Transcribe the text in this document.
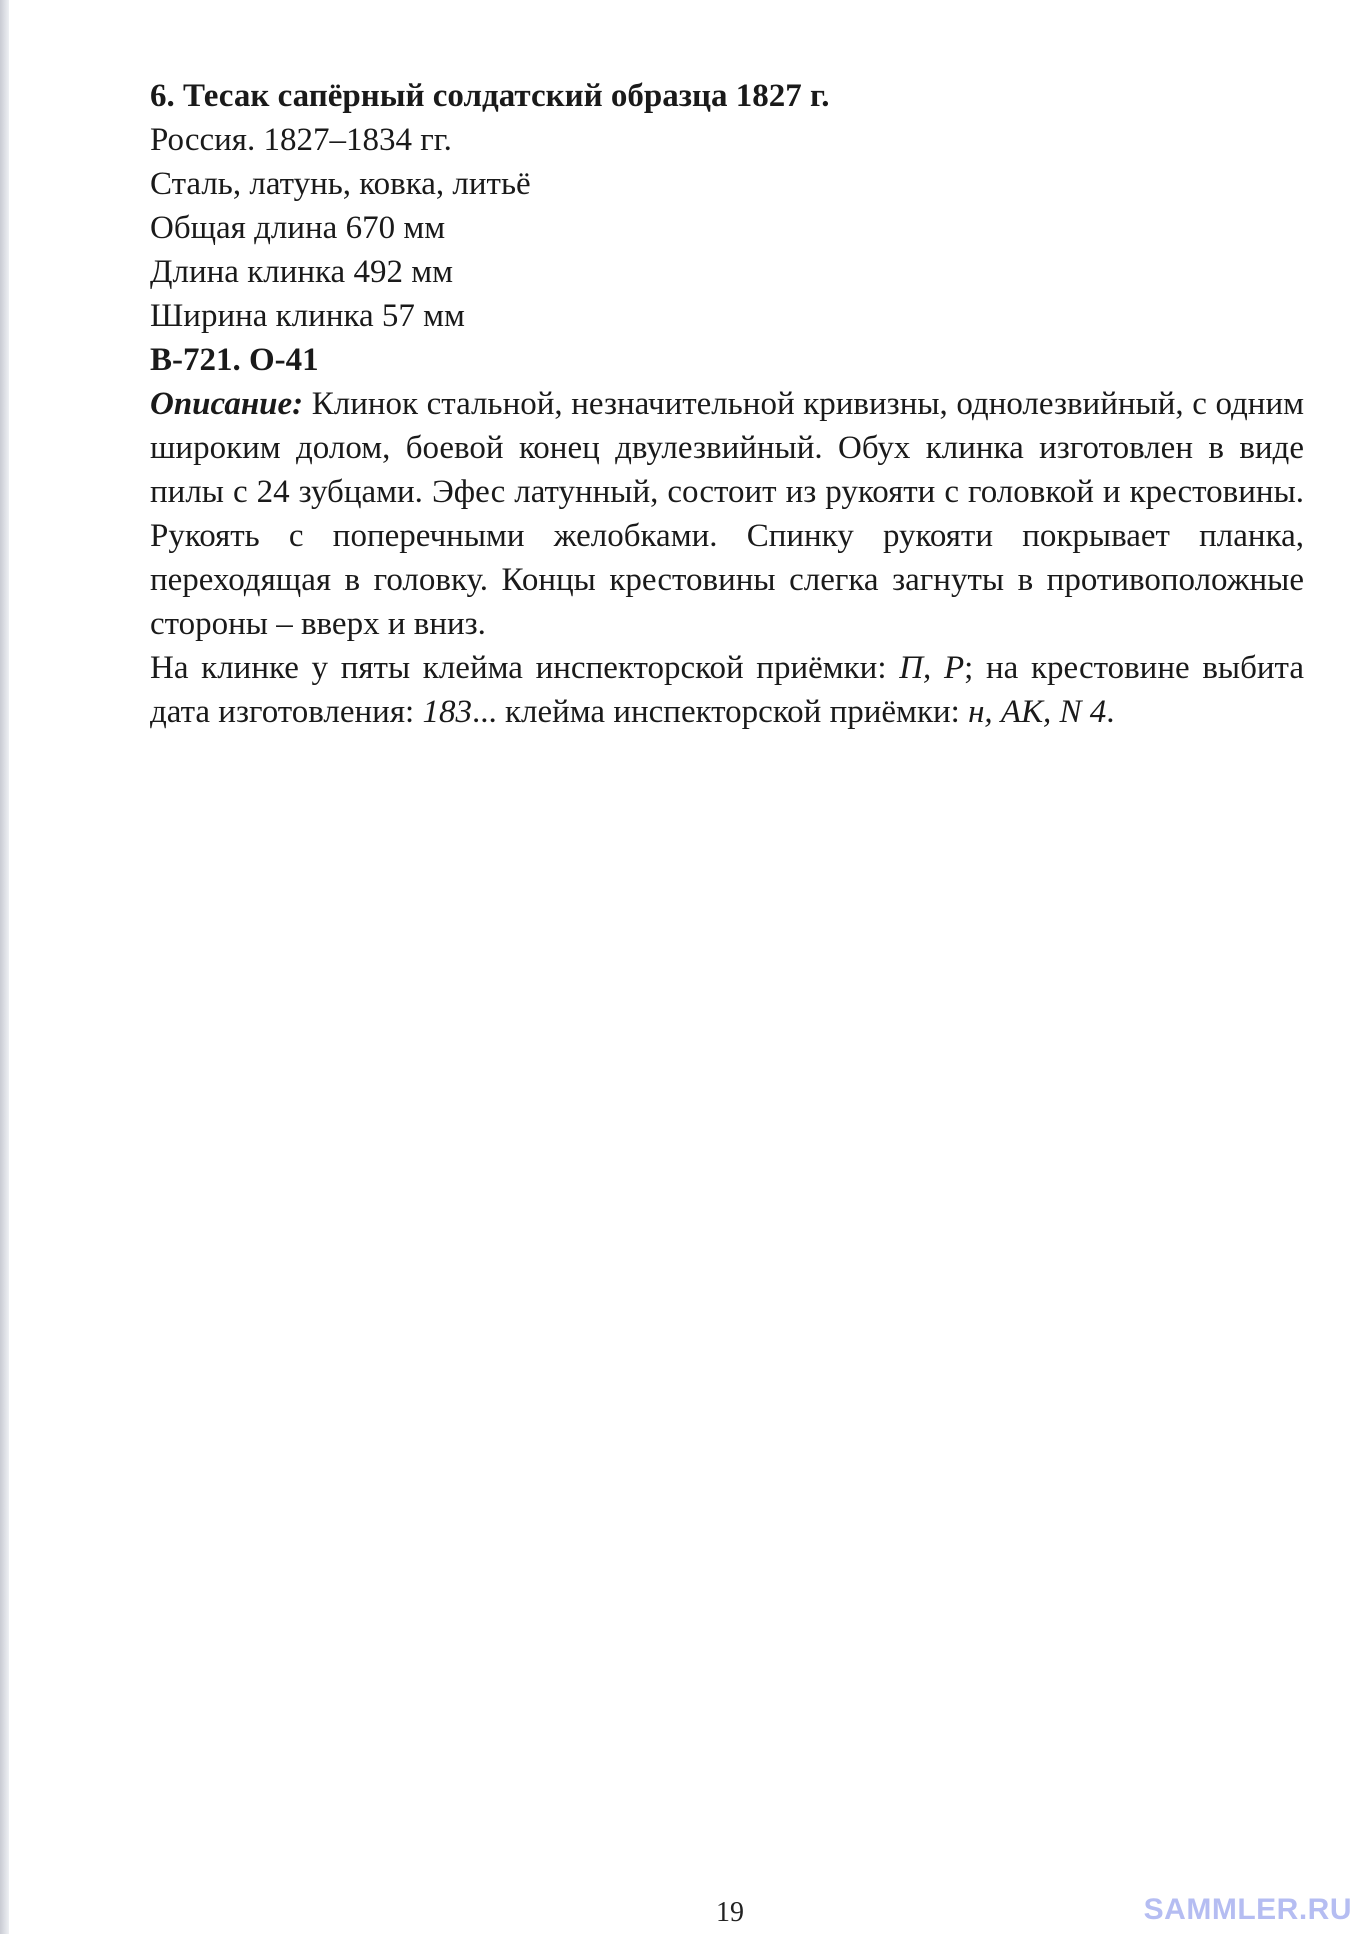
6. Тесак сапёрный солдатский образца 1827 г.

Россия. 1827–1834 гг.

Сталь, латунь, ковка, литьё

Общая длина 670 мм

Длина клинка 492 мм

Ширина клинка 57 мм

В-721. О-41

Описание: Клинок стальной, незначительной кривизны, однолезвийный, с одним широким долом, боевой конец двулезвийный. Обух клинка изготовлен в виде пилы с 24 зубцами. Эфес латунный, состоит из рукояти с головкой и крестовины. Рукоять с поперечными желобками. Спинку рукояти покрывает планка, переходящая в головку. Концы крестовины слегка загнуты в противоположные стороны – вверх и вниз.

На клинке у пяты клейма инспекторской приёмки: П, Р; на крестовине выбита дата изготовления: 183... клейма инспекторской приёмки: н, АК, N 4.

19	SAMMLER.RU
